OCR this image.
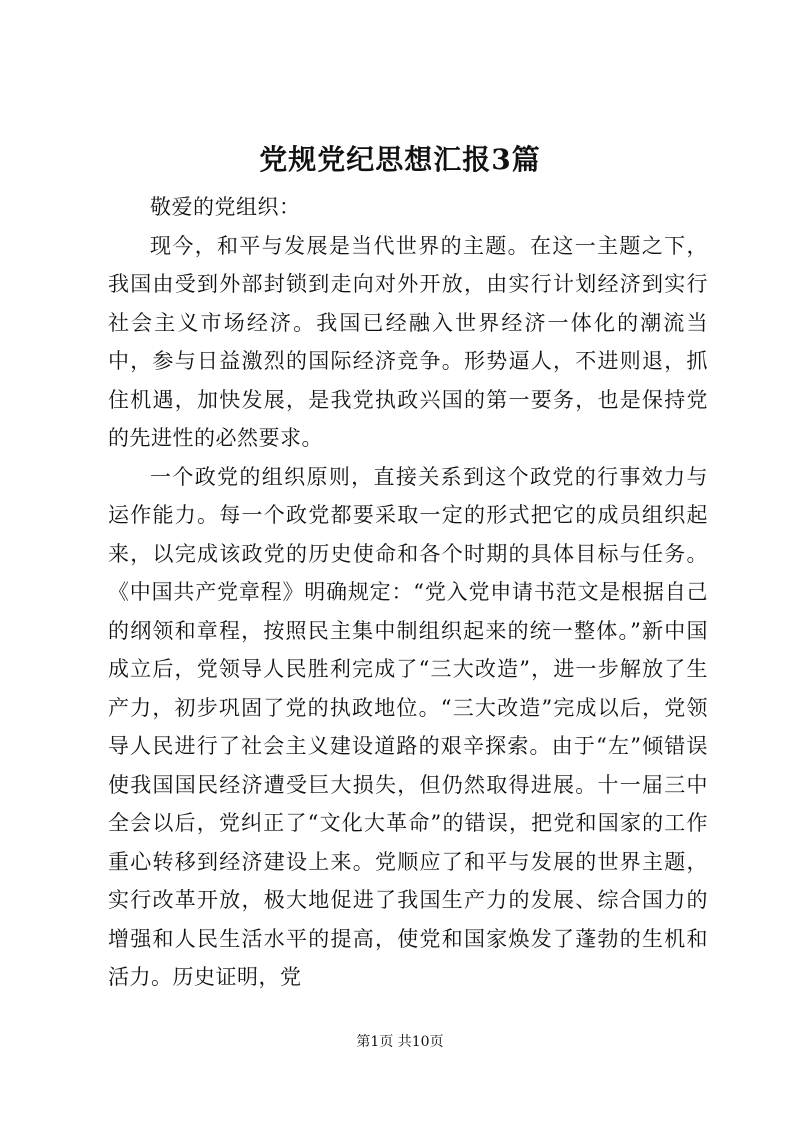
党规党纪思想汇报3篇

敬爱的党组织：

现今，和平与发展是当代世界的主题。在这一主题之下，我国由受到外部封锁到走向对外开放，由实行计划经济到实行社会主义市场经济。我国已经融入世界经济一体化的潮流当中，参与日益激烈的国际经济竞争。形势逼人，不进则退，抓住机遇，加快发展，是我党执政兴国的第一要务，也是保持党的先进性的必然要求。

一个政党的组织原则，直接关系到这个政党的行事效力与运作能力。每一个政党都要采取一定的形式把它的成员组织起来，以完成该政党的历史使命和各个时期的具体目标与任务。《中国共产党章程》明确规定：“党入党申请书范文是根据自己的纲领和章程，按照民主集中制组织起来的统一整体。”新中国成立后，党领导人民胜利完成了“三大改造”，进一步解放了生产力，初步巩固了党的执政地位。“三大改造”完成以后，党领导人民进行了社会主义建设道路的艰辛探索。由于“左”倾错误使我国国民经济遭受巨大损失，但仍然取得进展。十一届三中全会以后，党纠正了“文化大革命”的错误，把党和国家的工作重心转移到经济建设上来。党顺应了和平与发展的世界主题，实行改革开放，极大地促进了我国生产力的发展、综合国力的增强和人民生活水平的提高，使党和国家焕发了蓬勃的生机和活力。历史证明，党

第1页 共10页
